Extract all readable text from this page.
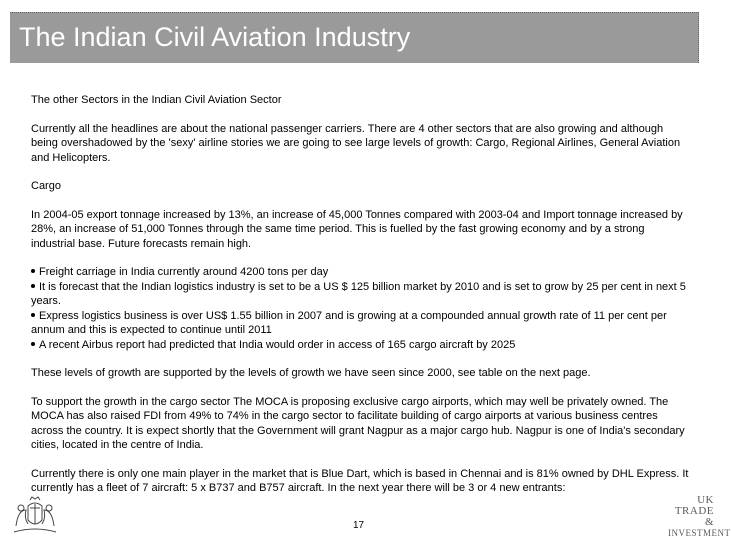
The Indian Civil Aviation Industry

The other Sectors in the Indian Civil Aviation Sector

Currently all the headlines are about the national passenger carriers. There are 4 other sectors that are also growing and although being overshadowed by the 'sexy' airline stories we are going to see large levels of growth: Cargo, Regional Airlines, General Aviation and Helicopters.

Cargo

In 2004-05 export tonnage increased by 13%, an increase of 45,000 Tonnes compared with 2003-04 and Import tonnage increased by 28%, an increase of 51,000 Tonnes through the same time period. This is fuelled by the fast growing economy and by a strong industrial base. Future forecasts remain high.

Freight carriage in India currently around 4200 tons per day
It is forecast that the Indian logistics industry is set to be a US $ 125 billion market by 2010 and is set to grow by 25 per cent in next 5 years.
Express logistics business is over US$ 1.55 billion in 2007 and is growing at a compounded annual growth rate of 11 per cent per annum and this is expected to continue until 2011
A recent Airbus report had predicted that India would order in access of 165 cargo aircraft by 2025

These levels of growth are supported by the levels of growth we have seen since 2000, see table on the next page.

To support the growth in the cargo sector The MOCA is proposing exclusive cargo airports, which may well be privately owned. The MOCA has also raised FDI from 49% to 74% in the cargo sector to facilitate building of cargo airports at various business centres across the country. It is expect shortly that the Government will grant Nagpur as a major cargo hub. Nagpur is one of India's secondary cities, located in the centre of India.

Currently there is only one main player in the market that is Blue Dart, which is based in Chennai and is 81% owned by DHL Express. It currently has a fleet of 7 aircraft: 5 x B737 and B757 aircraft. In the next year there will be 3 or 4 new entrants:

UK
TRADE &
INVESTMENT
17
